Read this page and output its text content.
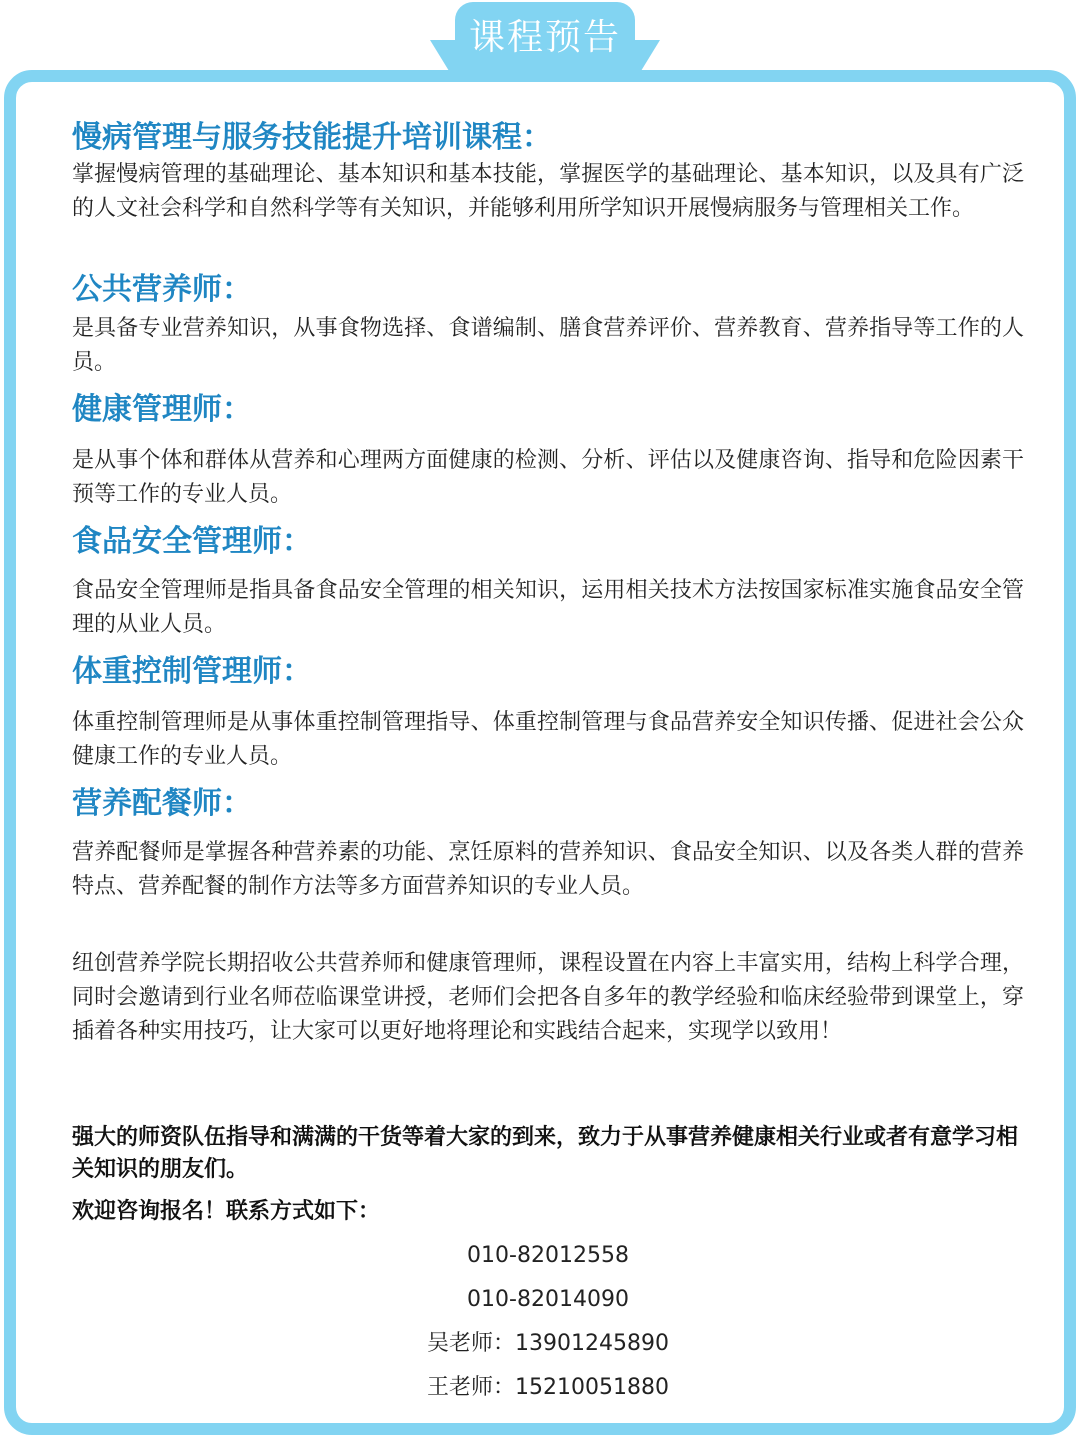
课程预告
慢病管理与服务技能提升培训课程：
掌握慢病管理的基础理论、基本知识和基本技能，掌握医学的基础理论、基本知识，以及具有广泛的人文社会科学和自然科学等有关知识，并能够利用所学知识开展慢病服务与管理相关工作。
公共营养师：
是具备专业营养知识，从事食物选择、食谱编制、膳食营养评价、营养教育、营养指导等工作的人员。
健康管理师：
是从事个体和群体从营养和心理两方面健康的检测、分析、评估以及健康咨询、指导和危险因素干预等工作的专业人员。
食品安全管理师：
食品安全管理师是指具备食品安全管理的相关知识，运用相关技术方法按国家标准实施食品安全管理的从业人员。
体重控制管理师：
体重控制管理师是从事体重控制管理指导、体重控制管理与食品营养安全知识传播、促进社会公众健康工作的专业人员。
营养配餐师：
营养配餐师是掌握各种营养素的功能、烹饪原料的营养知识、食品安全知识、以及各类人群的营养特点、营养配餐的制作方法等多方面营养知识的专业人员。
纽创营养学院长期招收公共营养师和健康管理师，课程设置在内容上丰富实用，结构上科学合理，同时会邀请到行业名师莅临课堂讲授，老师们会把各自多年的教学经验和临床经验带到课堂上，穿插着各种实用技巧，让大家可以更好地将理论和实践结合起来，实现学以致用！
强大的师资队伍指导和满满的干货等着大家的到来，致力于从事营养健康相关行业或者有意学习相关知识的朋友们。
欢迎咨询报名！联系方式如下：
010-82012558
010-82014090
吴老师：13901245890
王老师：15210051880
